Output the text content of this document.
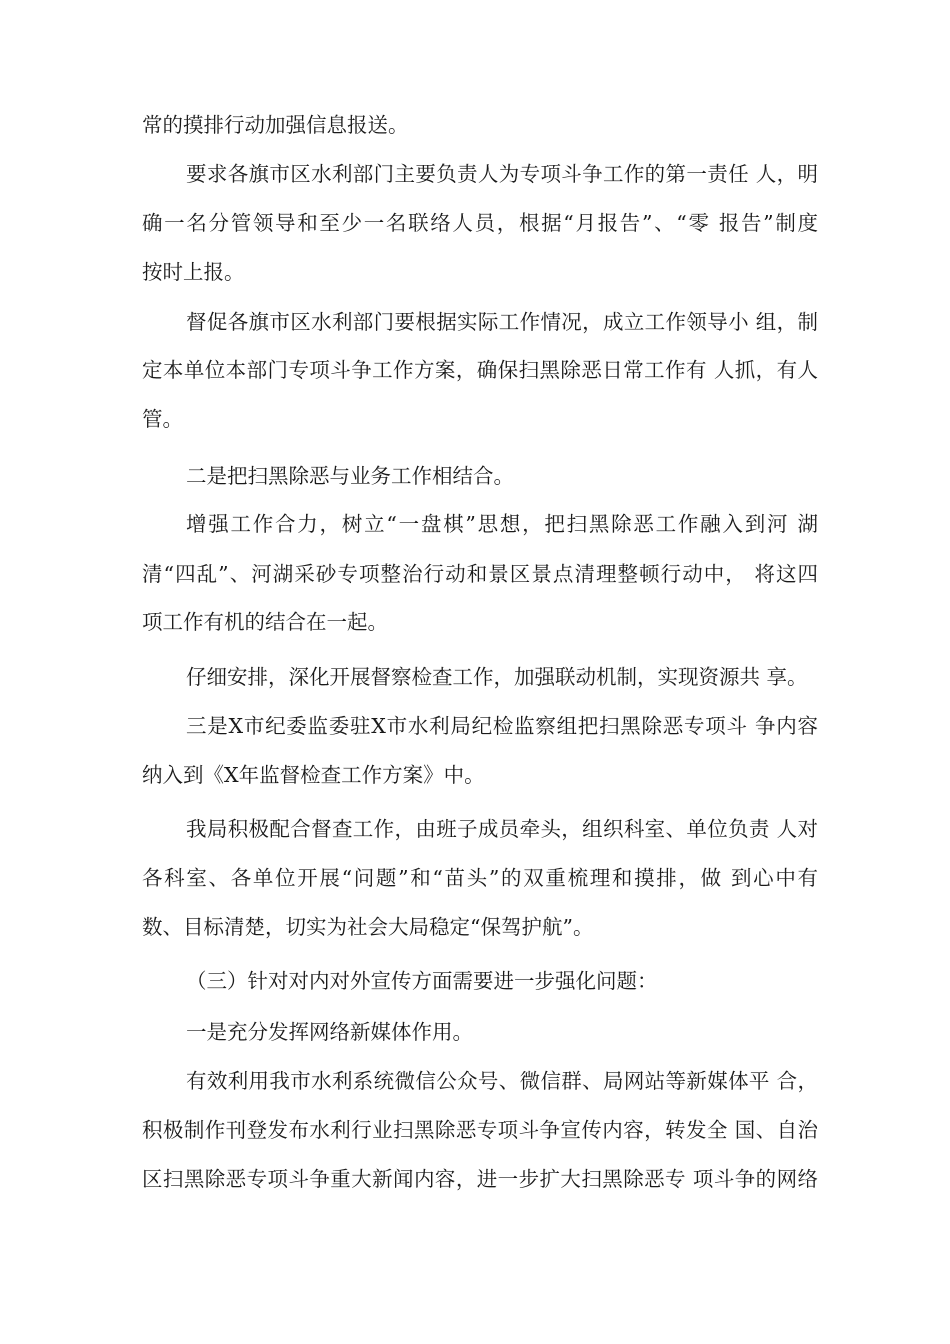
常的摸排行动加强信息报送。

要求各旗市区水利部门主要负责人为专项斗争工作的第一责任 人，明

确一名分管领导和至少一名联络人员，根据“月报告”、“零 报告”制度

按时上报。

督促各旗市区水利部门要根据实际工作情况，成立工作领导小 组，制

定本单位本部门专项斗争工作方案，确保扫黑除恶日常工作有 人抓，有人

管。

二是把扫黑除恶与业务工作相结合。

增强工作合力，树立“一盘棋”思想，把扫黑除恶工作融入到河 湖

清“四乱”、河湖采砂专项整治行动和景区景点清理整顿行动中， 将这四

项工作有机的结合在一起。

仔细安排，深化开展督察检查工作，加强联动机制，实现资源共 享。

三是X市纪委监委驻X市水利局纪检监察组把扫黑除恶专项斗 争内容

纳入到《X年监督检查工作方案》中。

我局积极配合督查工作，由班子成员牵头，组织科室、单位负责 人对

各科室、各单位开展“问题”和“苗头”的双重梳理和摸排，做 到心中有

数、目标清楚，切实为社会大局稳定“保驾护航”。

（三）针对对内对外宣传方面需要进一步强化问题：

一是充分发挥网络新媒体作用。

有效利用我市水利系统微信公众号、微信群、局网站等新媒体平 合，

积极制作刊登发布水利行业扫黑除恶专项斗争宣传内容，转发全 国、自治

区扫黑除恶专项斗争重大新闻内容，进一步扩大扫黑除恶专 项斗争的网络
